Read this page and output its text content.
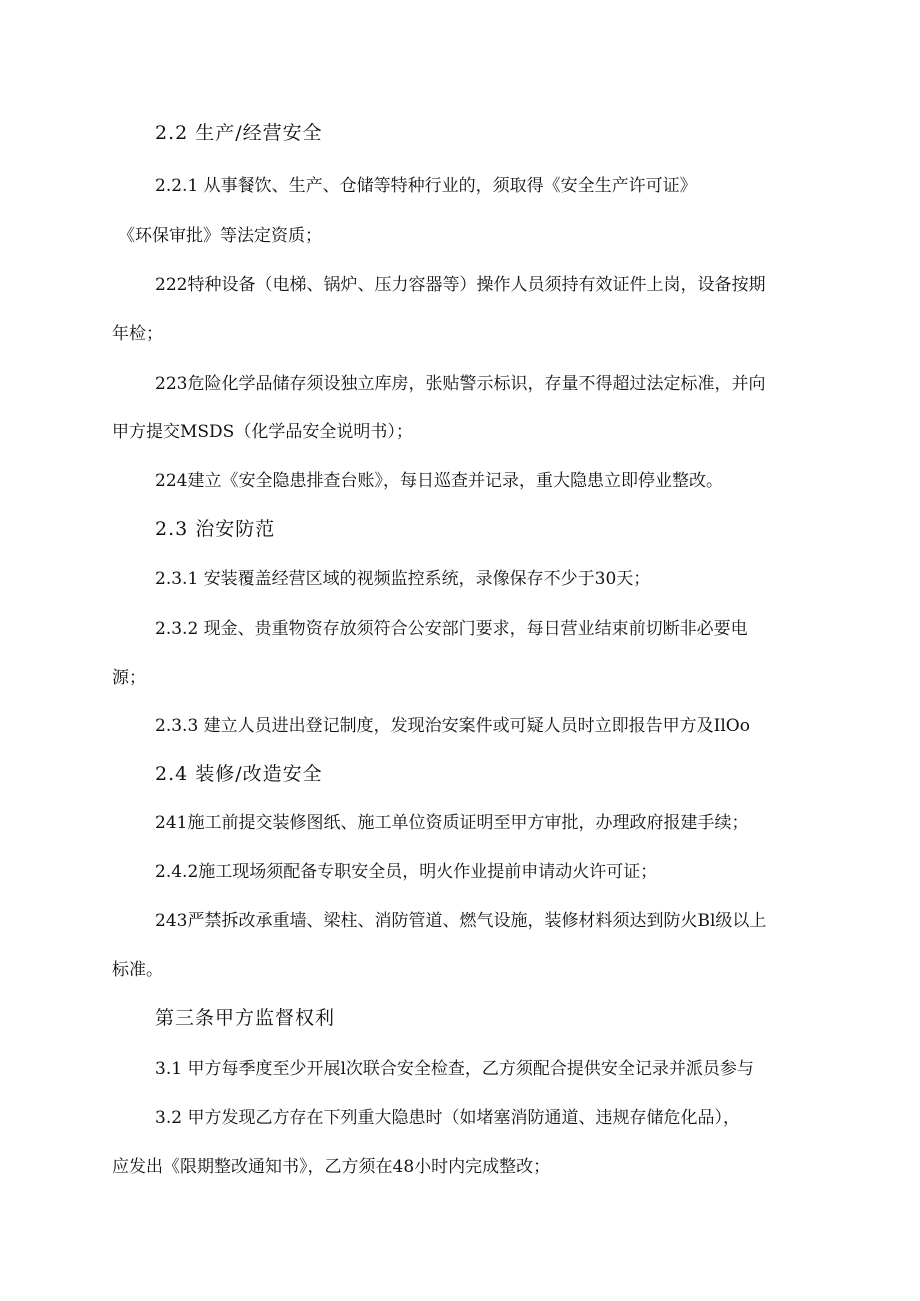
2.2 生产/经营安全
2.2.1 从事餐饮、生产、仓储等特种行业的，须取得《安全生产许可证》
《环保审批》等法定资质；
222特种设备（电梯、锅炉、压力容器等）操作人员须持有效证件上岗，设备按期
年检；
223危险化学品储存须设独立库房，张贴警示标识，存量不得超过法定标准，并向
甲方提交MSDS（化学品安全说明书）；
224建立《安全隐患排查台账》，每日巡查并记录，重大隐患立即停业整改。
2.3 治安防范
2.3.1 安装覆盖经营区域的视频监控系统，录像保存不少于30天；
2.3.2 现金、贵重物资存放须符合公安部门要求，每日营业结束前切断非必要电
源；
2.3.3 建立人员进出登记制度，发现治安案件或可疑人员时立即报告甲方及IlOo
2.4 装修/改造安全
241施工前提交装修图纸、施工单位资质证明至甲方审批，办理政府报建手续；
2.4.2施工现场须配备专职安全员，明火作业提前申请动火许可证；
243严禁拆改承重墙、梁柱、消防管道、燃气设施，装修材料须达到防火Bl级以上
标准。
第三条甲方监督权利
3.1 甲方每季度至少开展l次联合安全检查，乙方须配合提供安全记录并派员参与
3.2 甲方发现乙方存在下列重大隐患时（如堵塞消防通道、违规存储危化品），
应发出《限期整改通知书》，乙方须在48小时内完成整改；
